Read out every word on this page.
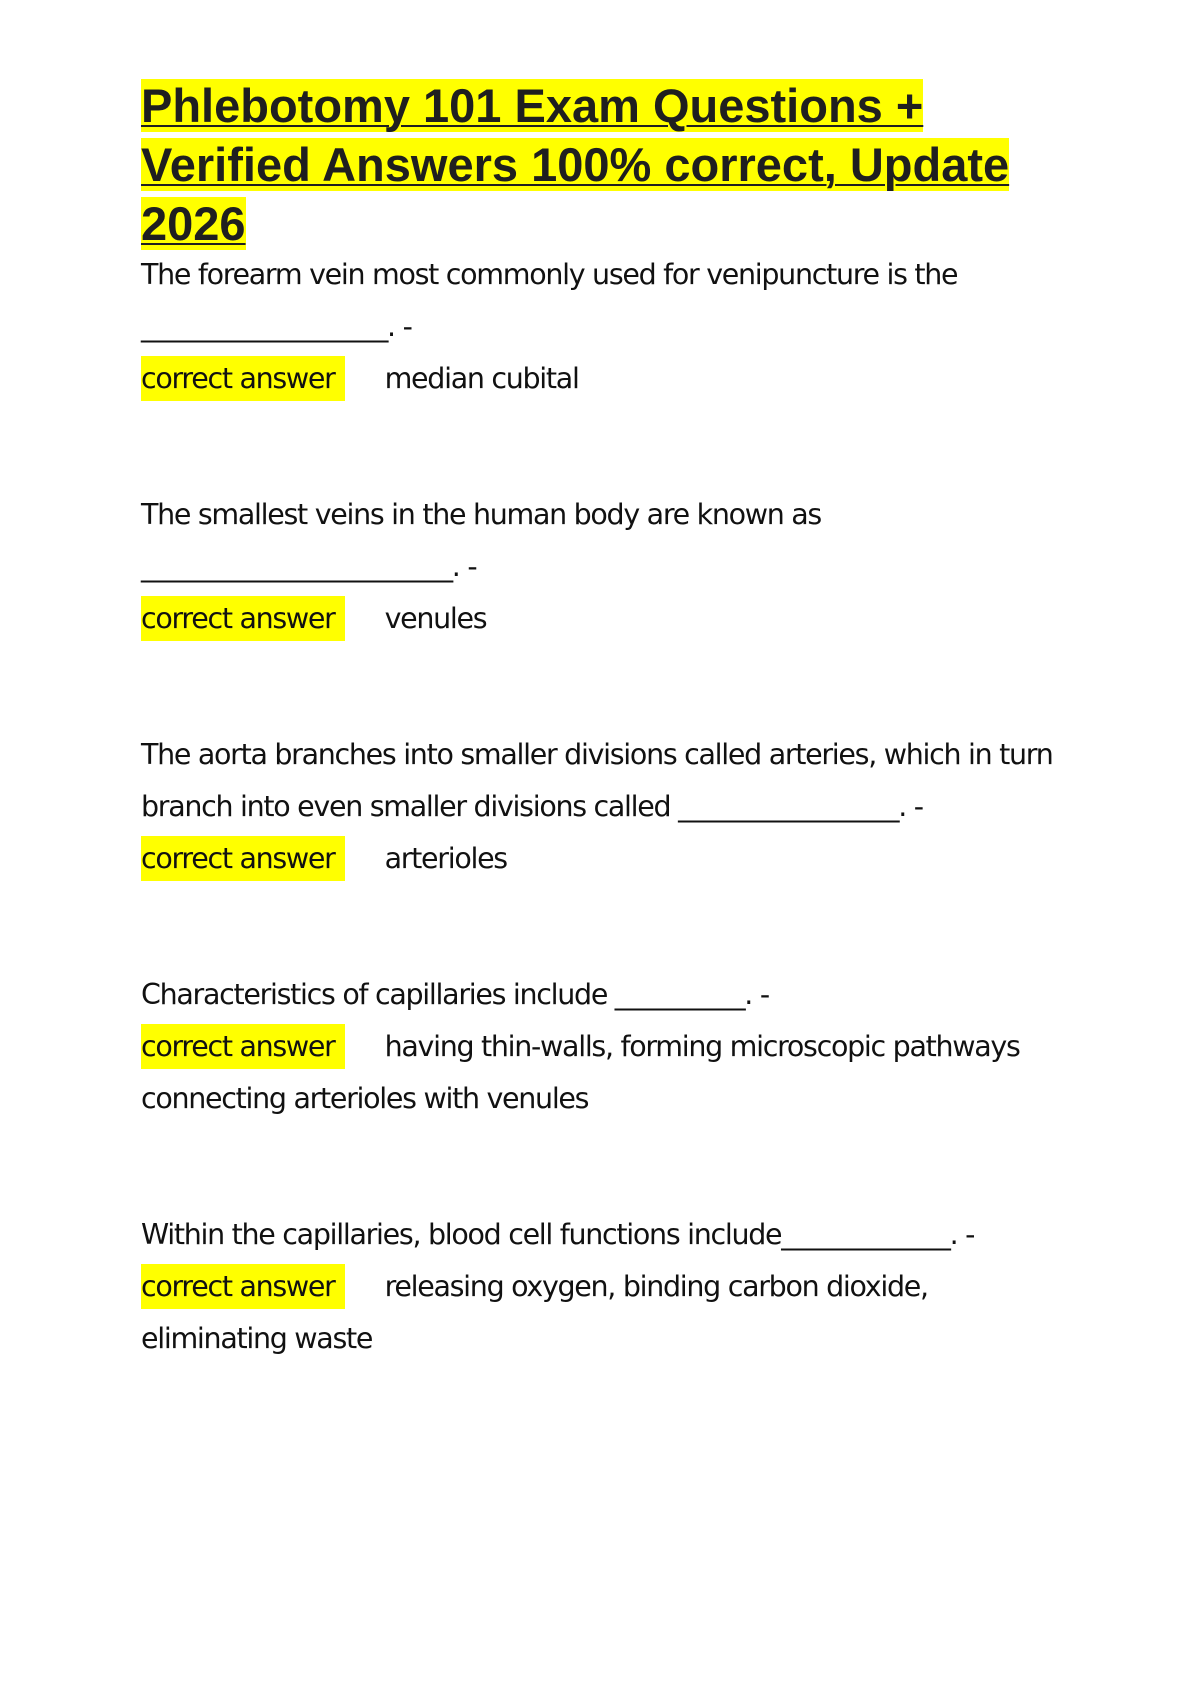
Phlebotomy 101 Exam Questions + Verified Answers 100% correct, Update 2026

The forearm vein most commonly used for venipuncture is the ___________________. -

correct answer median cubital

The smallest veins in the human body are known as ________________________. -

correct answer venules

The aorta branches into smaller divisions called arteries, which in turn branch into even smaller divisions called _________________. -

correct answer arterioles

Characteristics of capillaries include __________. -

correct answer having thin-walls, forming microscopic pathways connecting arterioles with venules

Within the capillaries, blood cell functions include_____________. -

correct answer releasing oxygen, binding carbon dioxide, eliminating waste
